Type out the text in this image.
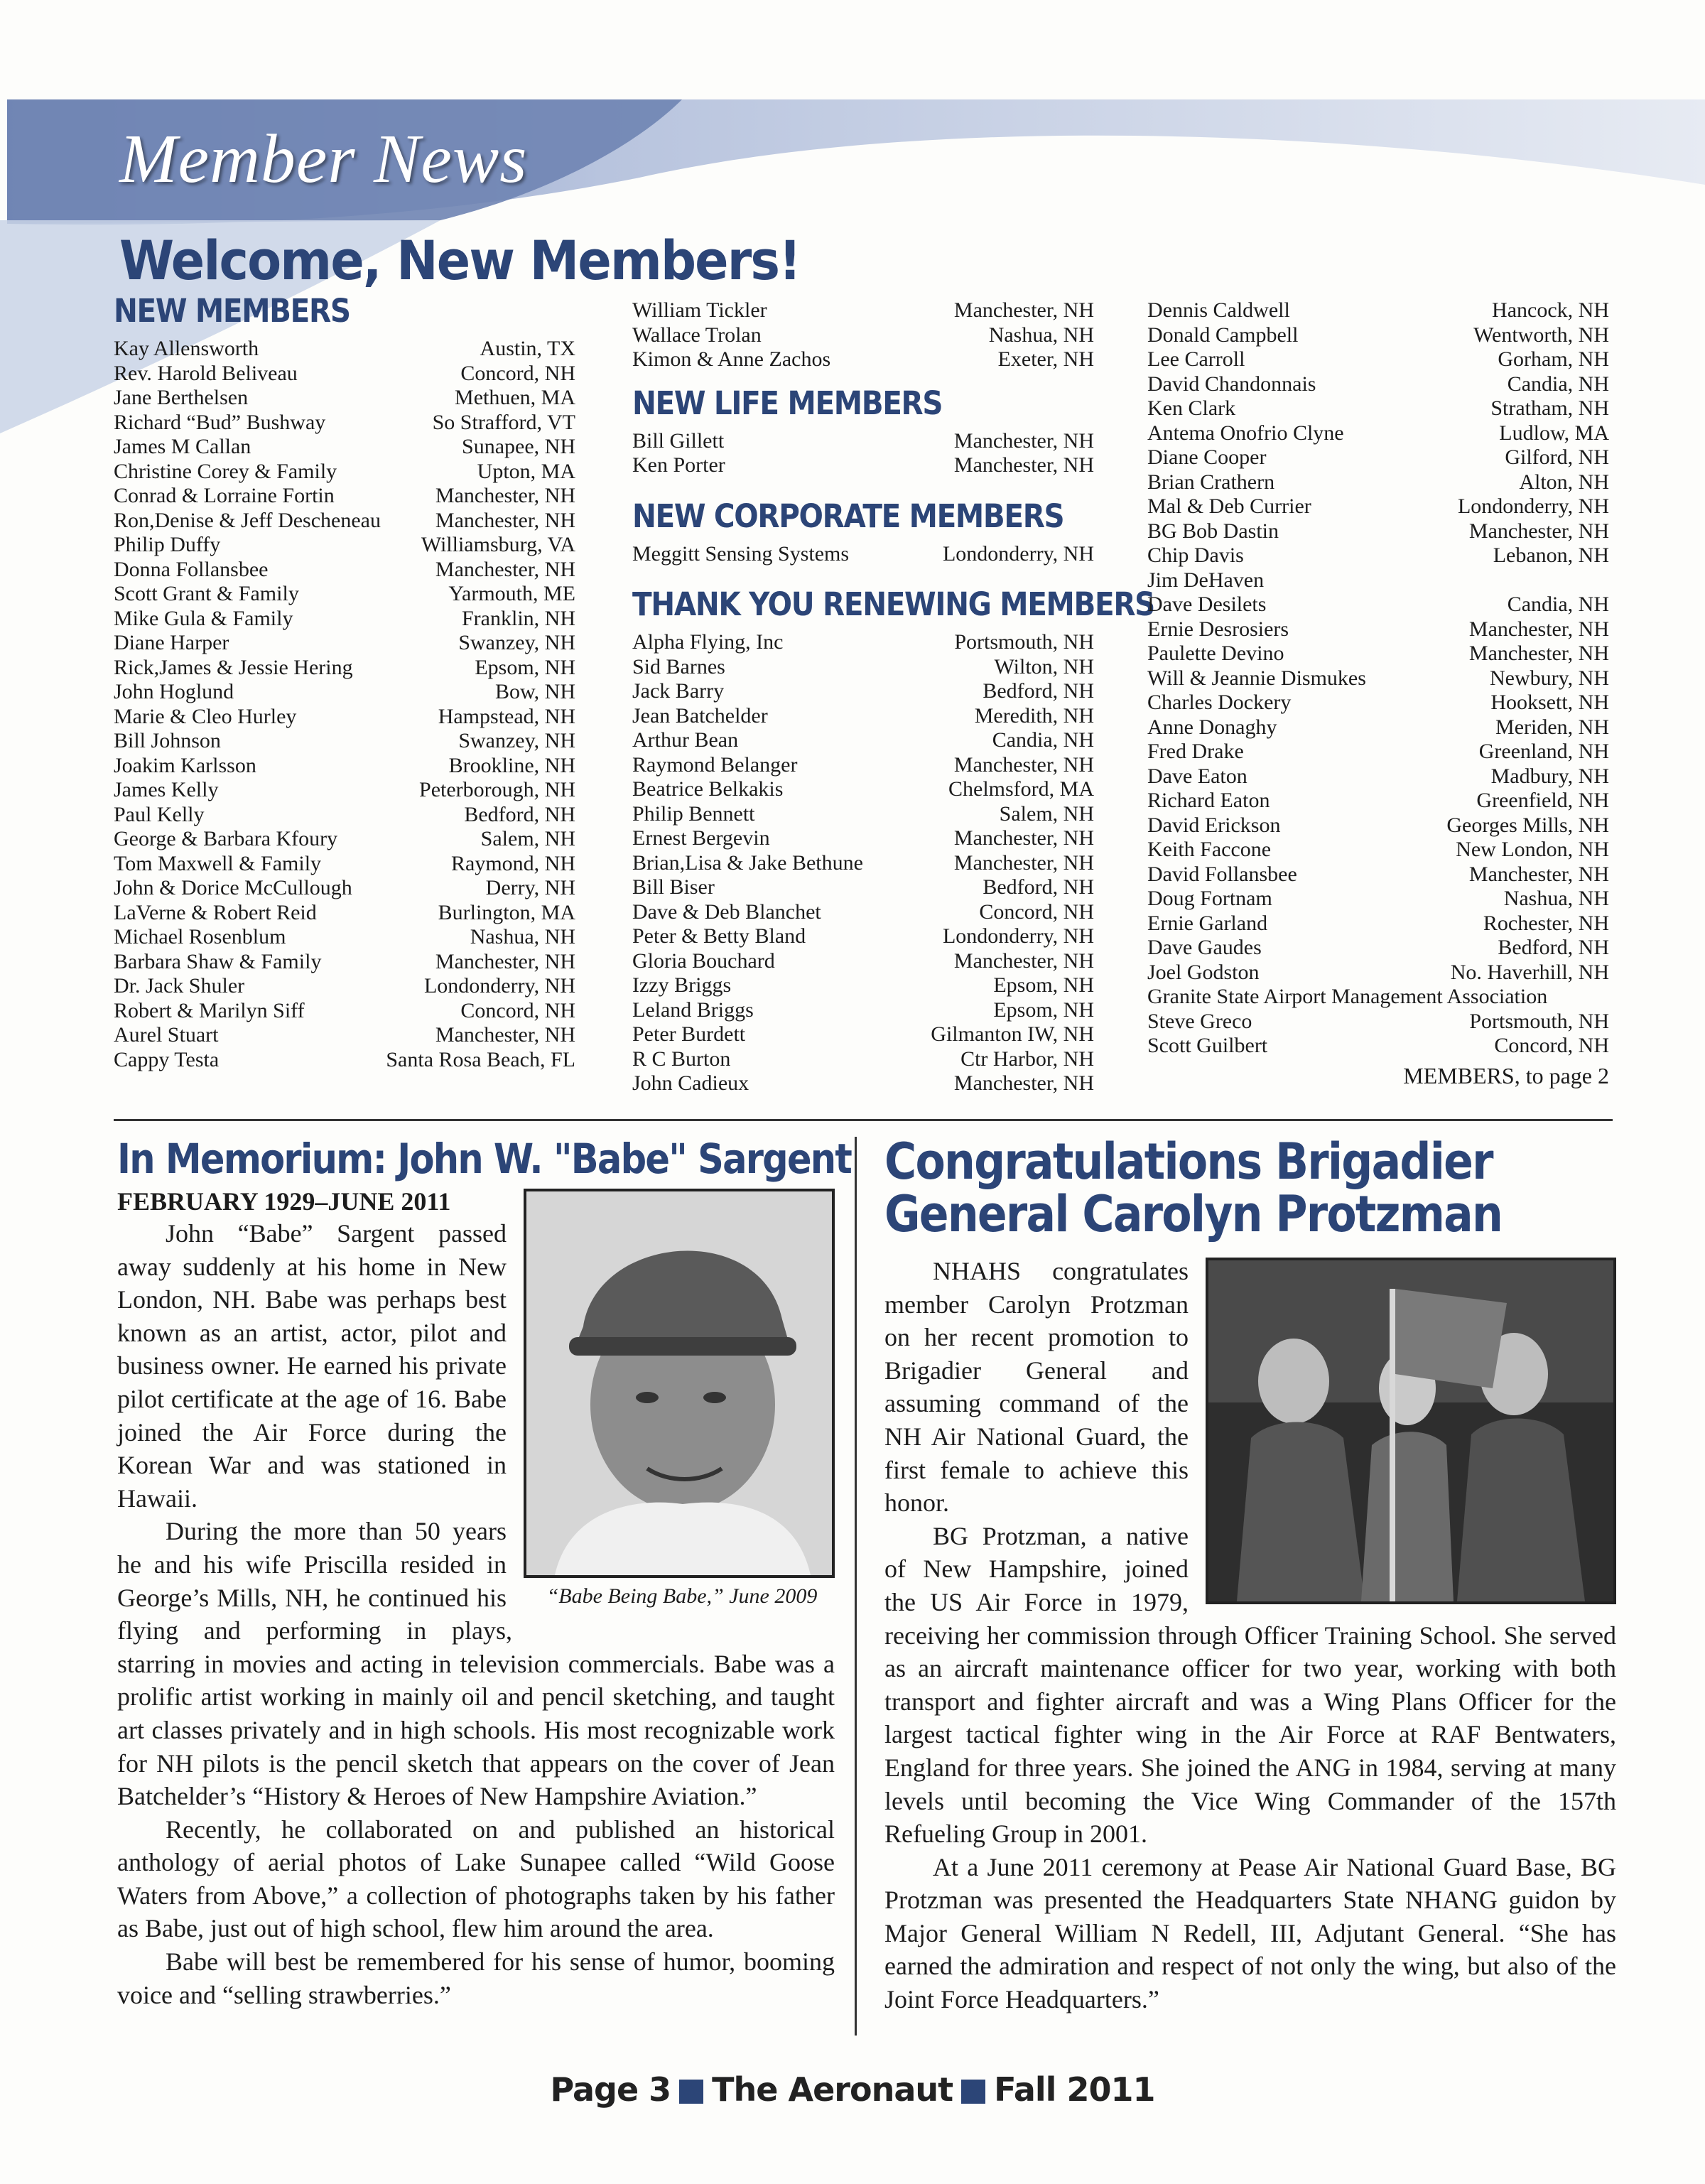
Member News
Welcome, New Members!
NEW MEMBERS
Kay Allensworth	Austin, TX
Rev. Harold Beliveau	Concord, NH
Jane Berthelsen	Methuen, MA
Richard “Bud” Bushway	So Strafford, VT
James M Callan	Sunapee, NH
Christine Corey & Family	Upton, MA
Conrad & Lorraine Fortin	Manchester, NH
Ron,Denise & Jeff Descheneau	Manchester, NH
Philip Duffy	Williamsburg, VA
Donna Follansbee	Manchester, NH
Scott Grant & Family	Yarmouth, ME
Mike Gula & Family	Franklin, NH
Diane Harper	Swanzey, NH
Rick,James & Jessie Hering	Epsom, NH
John Hoglund	Bow, NH
Marie & Cleo Hurley	Hampstead, NH
Bill Johnson	Swanzey, NH
Joakim Karlsson	Brookline, NH
James Kelly	Peterborough, NH
Paul Kelly	Bedford, NH
George & Barbara Kfoury	Salem, NH
Tom Maxwell & Family	Raymond, NH
John & Dorice McCullough	Derry, NH
LaVerne & Robert Reid	Burlington, MA
Michael Rosenblum	Nashua, NH
Barbara Shaw & Family	Manchester, NH
Dr. Jack Shuler	Londonderry, NH
Robert & Marilyn Siff	Concord, NH
Aurel Stuart	Manchester, NH
Cappy Testa	Santa Rosa Beach, FL
William Tickler	Manchester, NH
Wallace Trolan	Nashua, NH
Kimon & Anne Zachos	Exeter, NH
NEW LIFE MEMBERS
Bill Gillett	Manchester, NH
Ken Porter	Manchester, NH
NEW CORPORATE MEMBERS
Meggitt Sensing Systems	Londonderry, NH
THANK YOU RENEWING MEMBERS
Alpha Flying, Inc	Portsmouth, NH
Sid Barnes	Wilton, NH
Jack Barry	Bedford, NH
Jean Batchelder	Meredith, NH
Arthur Bean	Candia, NH
Raymond Belanger	Manchester, NH
Beatrice Belkakis	Chelmsford, MA
Philip Bennett	Salem, NH
Ernest Bergevin	Manchester, NH
Brian,Lisa & Jake Bethune	Manchester, NH
Bill Biser	Bedford, NH
Dave & Deb Blanchet	Concord, NH
Peter & Betty Bland	Londonderry, NH
Gloria Bouchard	Manchester, NH
Izzy Briggs	Epsom, NH
Leland Briggs	Epsom, NH
Peter Burdett	Gilmanton IW, NH
R C Burton	Ctr Harbor, NH
John Cadieux	Manchester, NH
Dennis Caldwell	Hancock, NH
Donald Campbell	Wentworth, NH
Lee Carroll	Gorham, NH
David Chandonnais	Candia, NH
Ken Clark	Stratham, NH
Antema Onofrio Clyne	Ludlow, MA
Diane Cooper	Gilford, NH
Brian Crathern	Alton, NH
Mal & Deb Currier	Londonderry, NH
BG Bob Dastin	Manchester, NH
Chip Davis	Lebanon, NH
Jim DeHaven
Dave Desilets	Candia, NH
Ernie Desrosiers	Manchester, NH
Paulette Devino	Manchester, NH
Will & Jeannie Dismukes	Newbury, NH
Charles Dockery	Hooksett, NH
Anne Donaghy	Meriden, NH
Fred Drake	Greenland, NH
Dave Eaton	Madbury, NH
Richard Eaton	Greenfield, NH
David Erickson	Georges Mills, NH
Keith Faccone	New London, NH
David Follansbee	Manchester, NH
Doug Fortnam	Nashua, NH
Ernie Garland	Rochester, NH
Dave Gaudes	Bedford, NH
Joel Godston	No. Haverhill, NH
Granite State Airport Management Association
Steve Greco	Portsmouth, NH
Scott Guilbert	Concord, NH
MEMBERS, to page 2
In Memorium: John W. "Babe" Sargent
“Babe Being Babe,” June 2009

FEBRUARY 1929–JUNE 2011

John “Babe” Sargent passed away suddenly at his home in New London, NH. Babe was perhaps best known as an artist, actor, pilot and business owner. He earned his private pilot certificate at the age of 16. Babe joined the Air Force during the Korean War and was stationed in Hawaii.

During the more than 50 years he and his wife Priscilla resided in George’s Mills, NH, he continued his flying and performing in plays, starring in movies and acting in television commercials. Babe was a prolific artist working in mainly oil and pencil sketching, and taught art classes privately and in high schools. His most recognizable work for NH pilots is the pencil sketch that appears on the cover of Jean Batchelder’s “History & Heroes of New Hampshire Aviation.”

Recently, he collaborated on and published an historical anthology of aerial photos of Lake Sunapee called “Wild Goose Waters from Above,” a collection of photographs taken by his father as Babe, just out of high school, flew him around the area.

Babe will best be remembered for his sense of humor, booming voice and “selling strawberries.”

Congratulations Brigadier
General Carolyn Protzman

NHAHS congratulates member Carolyn Protzman on her recent promotion to Brigadier General and assuming command of the NH Air National Guard, the first female to achieve this honor.

BG Protzman, a native of New Hampshire, joined the US Air Force in 1979, receiving her commission through Officer Training School. She served as an aircraft maintenance officer for two year, working with both transport and fighter aircraft and was a Wing Plans Officer for the largest tactical fighter wing in the Air Force at RAF Bentwaters, England for three years. She joined the ANG in 1984, serving at many levels until becoming the Vice Wing Commander of the 157th Refueling Group in 2001.

At a June 2011 ceremony at Pease Air National Guard Base, BG Protzman was presented the Headquarters State NHANG guidon by Major General William N Redell, III, Adjutant General. “She has earned the admiration and respect of not only the wing, but also of the Joint Force Headquarters.”

Page 3 The Aeronaut Fall 2011
